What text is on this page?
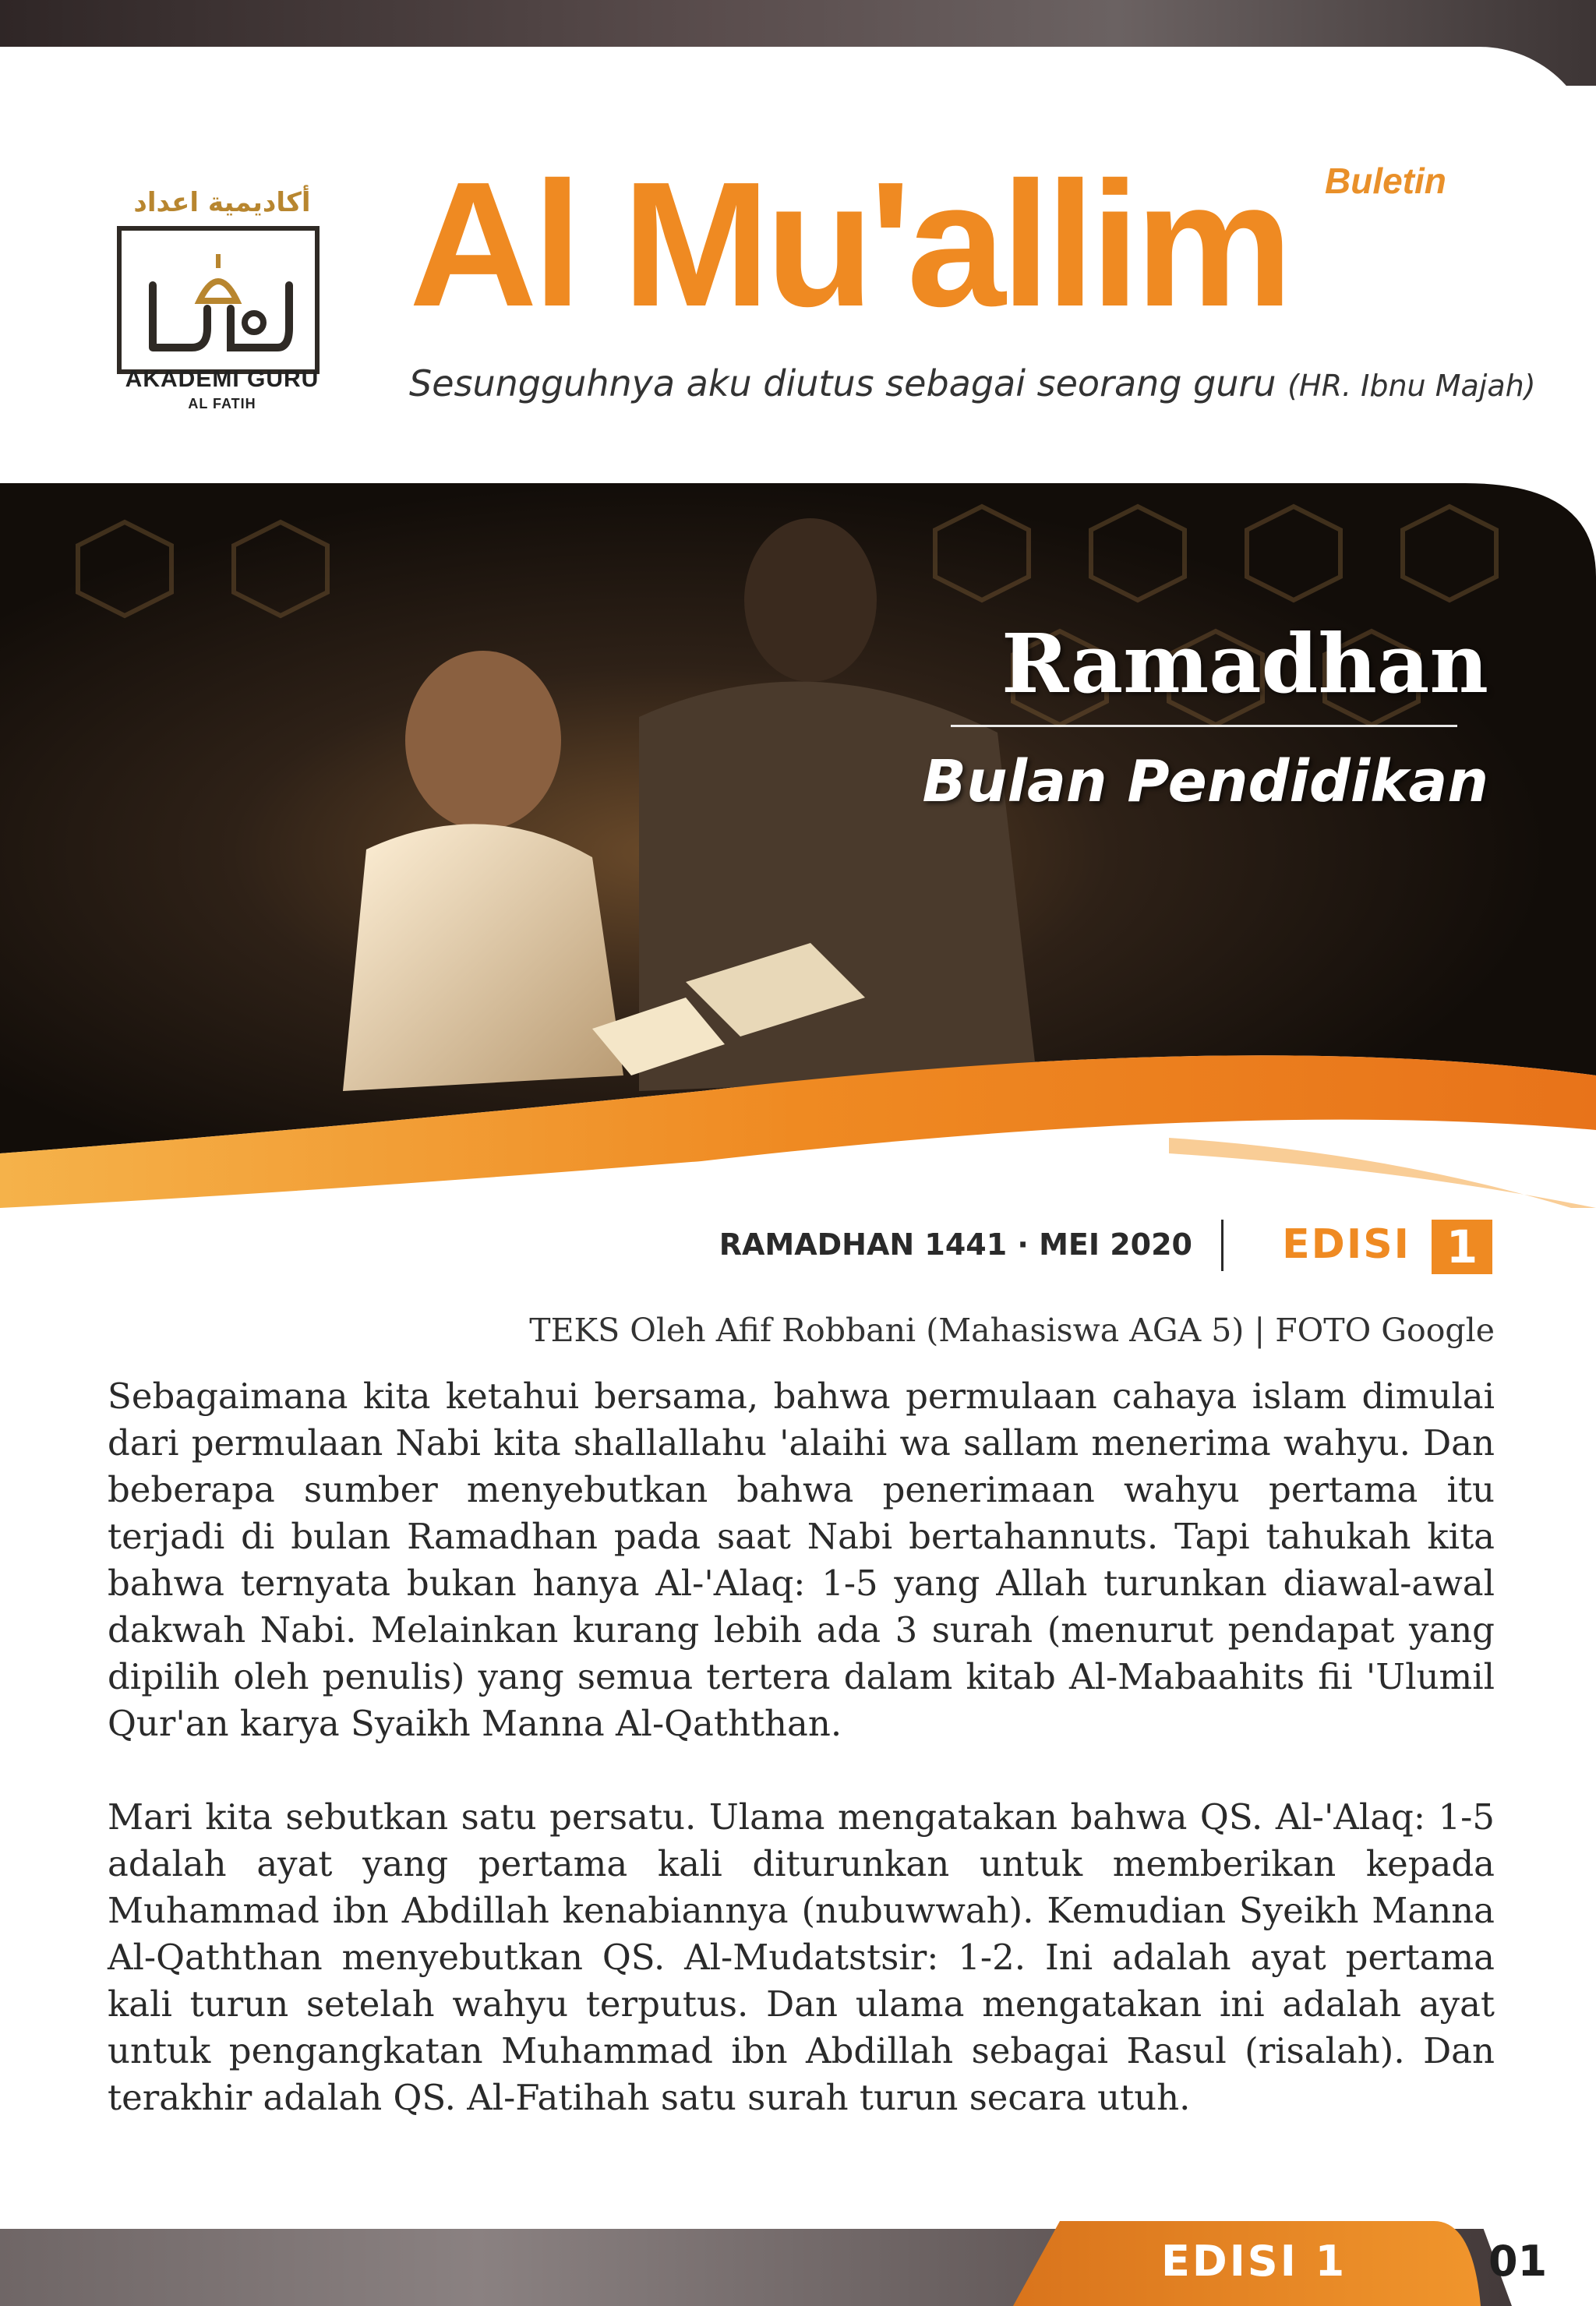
أكاديمية اعداد
AKADEMI GURU
AL FATIH
Buletin
Al Mu'allim
Sesungguhnya aku diutus sebagai seorang guru (HR. Ibnu Majah)
Ramadhan
Bulan Pendidikan
RAMADHAN 1441 · MEI 2020 EDISI 1
TEKS Oleh Afif Robbani (Mahasiswa AGA 5) | FOTO Google

Sebagaimana kita ketahui bersama, bahwa permulaan cahaya islam dimulai dari permulaan Nabi kita shallallahu 'alaihi wa sallam menerima wahyu. Dan beberapa sumber menyebutkan bahwa penerimaan wahyu pertama itu terjadi di bulan Ramadhan pada saat Nabi bertahannuts. Tapi tahukah kita bahwa ternyata bukan hanya Al-'Alaq: 1-5 yang Allah turunkan diawal-awal dakwah Nabi. Melainkan kurang lebih ada 3 surah (menurut pendapat yang dipilih oleh penulis) yang semua tertera dalam kitab Al-Mabaahits fii 'Ulumil Qur'an karya Syaikh Manna Al-Qaththan.

Mari kita sebutkan satu persatu. Ulama mengatakan bahwa QS. Al-'Alaq: 1-5 adalah ayat yang pertama kali diturunkan untuk memberikan kepada Muhammad ibn Abdillah kenabiannya (nubuwwah). Kemudian Syeikh Manna Al-Qaththan menyebutkan QS. Al-Mudatstsir: 1-2. Ini adalah ayat pertama kali turun setelah wahyu terputus. Dan ulama mengatakan ini adalah ayat untuk pengangkatan Muhammad ibn Abdillah sebagai Rasul (risalah). Dan terakhir adalah QS. Al-Fatihah satu surah turun secara utuh.

EDISI 1	01
